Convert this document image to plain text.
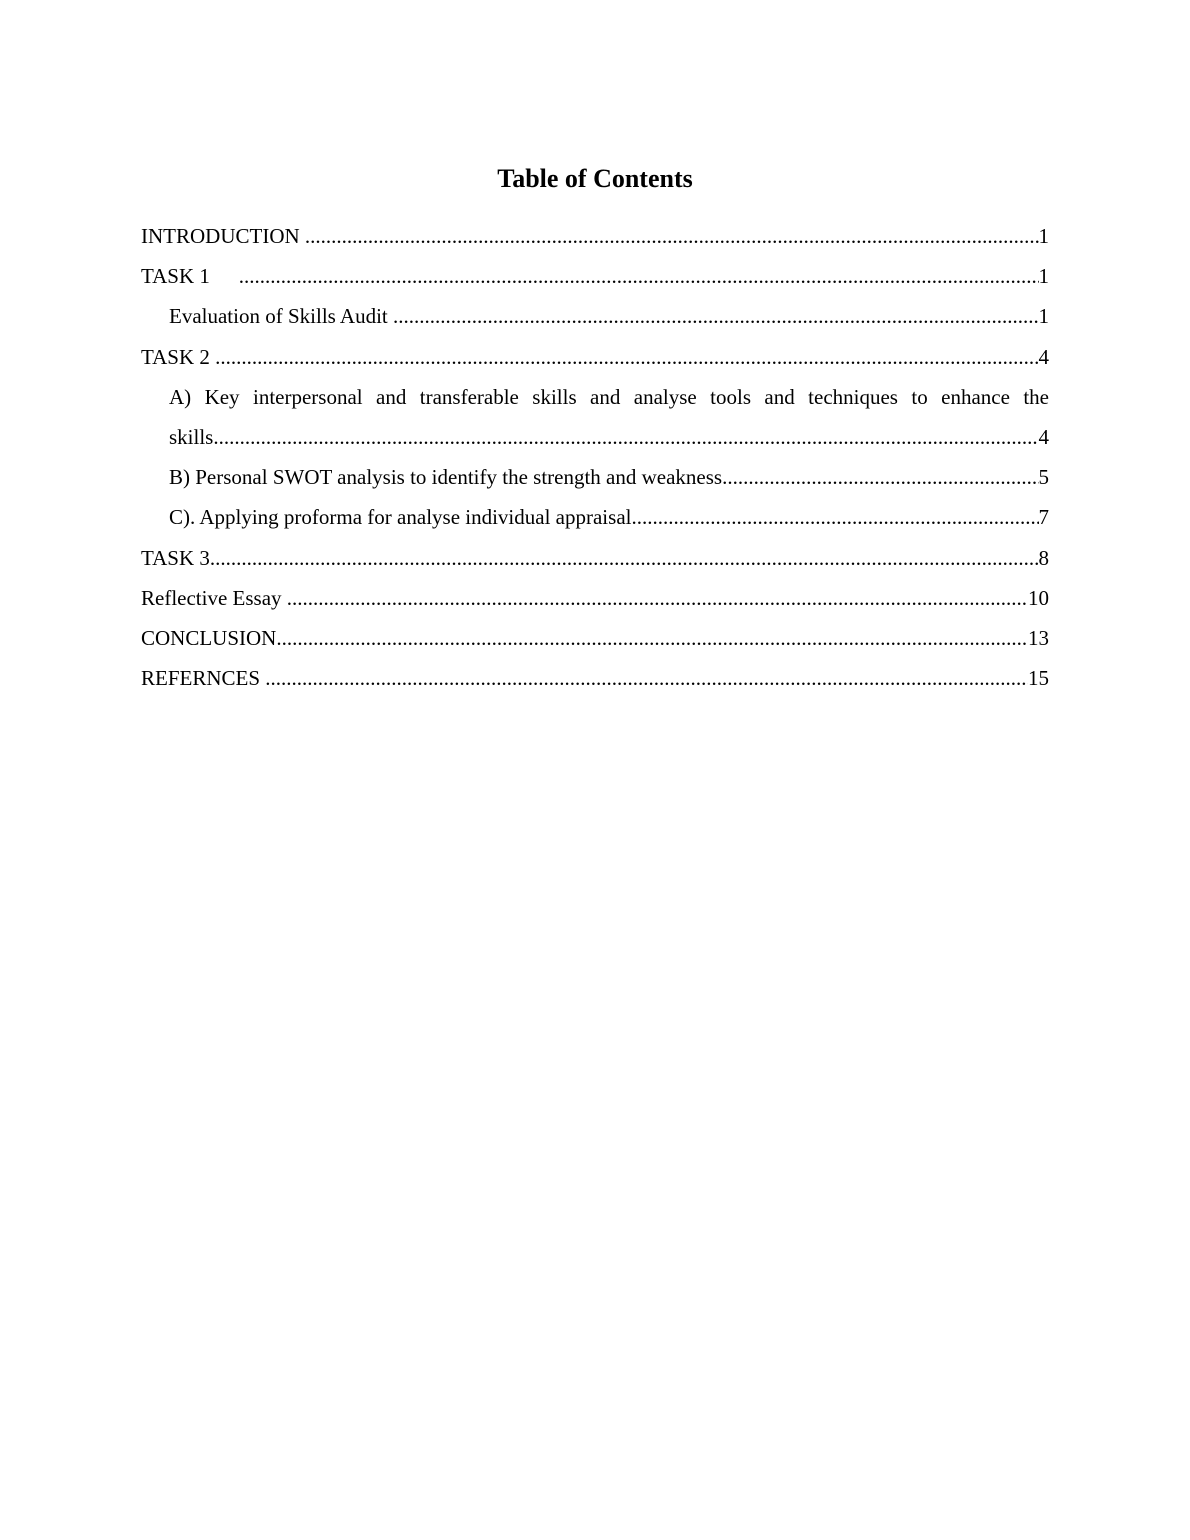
Table of Contents
INTRODUCTION .....	1
TASK 1 .....	1
Evaluation of Skills Audit .....	1
TASK 2 .....	4
A) Key interpersonal and transferable skills and analyse tools and techniques to enhance the
skills .....	4
B) Personal SWOT analysis to identify the strength and weakness .....	5
C). Applying proforma for analyse individual appraisal .....	7
TASK 3 .....	8
Reflective Essay .....	10
CONCLUSION .....	13
REFERNCES .....	15
